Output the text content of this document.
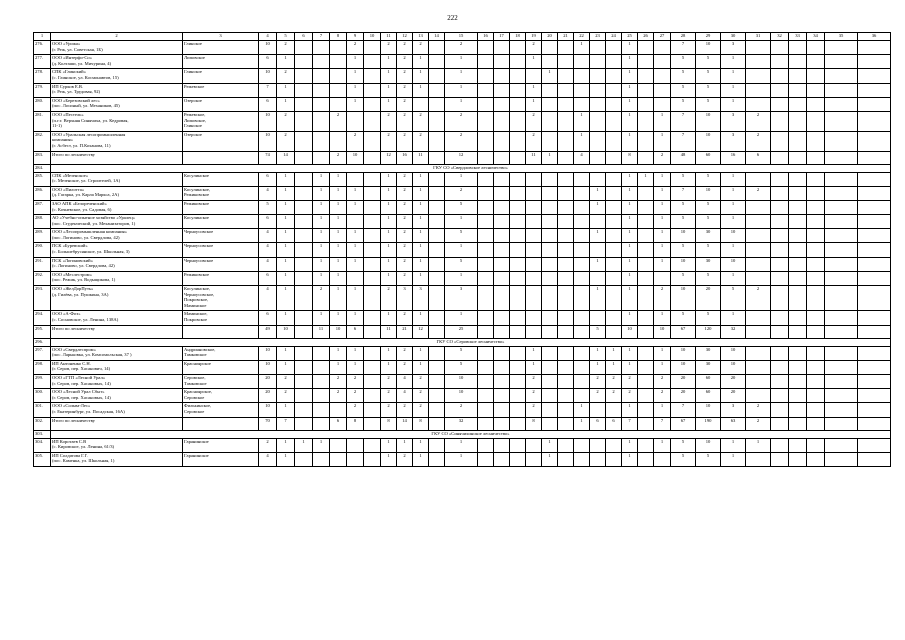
222
1	2	3	4	5	6	7	8	9	10	11	12	13	14	15	16	17	18	19	20	21	22	23	24	25	26	27	28	29	30	31	32	33	34	35	36
276.	ООО «Урожа»
(г. Реж, ул. Советская, 1Б)	Глинское	10	2				2		2	2	2		2				2			1			1			7	10	3						
277.	ООО «Интерфо-Со»
(д. Колташи, ул. Мичурина, 4)	Липовское	6	1				1		1	2	1		1				1						1			5	5	1						
278.	СПК «Глинский»
(с. Глинское, ул. Космонавтов, 15)	Глинское	10	2				1		1	2	1		1					1					1			5	5	1						
279.	ИП Сурков Е.В.
(г. Реж, ул. Трудовая, 92)	Режевское	7	1				1		1	2	1		1				1						1			5	5	1						
280.	ООО «Березовский лес»
(пос. Лосиный, ул. Механиков, 45)	Озерское	6	1				1		1	2			1				1						1			5	5	1						
281.	ООО «Пестель»
(п.г.т. Верхняя Синячиха, ул. Кедровая,
11-1)	Режевское,
Липовское,
Глинское	10	2			2			2	2	2		2				2			1			1		1	7	10	3	2					
282.	ООО «Уральская лесопромышленная
компания»
(г. Асбест, ул. П.Коханова, 11)	Озерское	10	2				2		2	2	2		2				2			1			1		1	7	10	3	2					
283.	Итого по лесничеству		74	14			2	10		12	16	11		12				11	1		4			8		2	48	60	16	6					
284.	ГКУ СО «Свердловское лесничество»																																		
285.	СПК «Мезенское»
(с. Мезенское, ул. Строителей, 1А)	Косулинское	6	1		1	1			1	2	1		1										1	1	1	5	5	1						
286.	ООО «Пилотта»
(д. Гагарка, ул. Карла Маркса, 2А)	Косулинское,
Режиковское	4	1		1	1	1		1	2	1		2								1		1		1	7	10	1	2					
287.	ЗАО АПК «Белореченский»
(с. Кочневское, ул. Садовая, 6)	Режиковское	5	1		1	1	1		1	2	1		5								1		1		1	5	5	1						
288.	АО «Учебно-опытное хозяйство «Уралец»
(пос. Студенческий, ул. Механизаторов, 1)	Косулинское	6	1		1	1			1	2	1		1										1		1	5	5	1						
289.	ООО «Лесопромышленная компания»
(пос. Логиново, ул. Свердлова, 42)	Черноусовское	4	1		1	1	1		1	2	1		5								1		1		1	10	30	10						
290.	ПСК «Буревский»
(с. Большебрусянское, ул. Школьная, 3)	Черноусовское	4	1		1	1	1		1	2	1		1										1		1	5	5	1						
291.	ПСК «Логиновский»
(с. Логиново, ул. Свердлова, 42)	Черноусовское	4	1		1	1	1		1	2	1		5								1		1		1	10	30	10						
292.	ООО «Меслестром»
(пос. Режик, ул. Водыщикова, 1)	Режиковское	6	1		1	1			1	2	1		1										1			5	5	1						
293.	ООО «ЖелДорПуть»
(д. Гилёва, ул. Пушкина, 3А)	Косулинское,
Черноусовское,
Покровское,
Маминское	4	1		2	1	1		2	3	3		3								1		1		2	10	20	5	2					
294.	ООО «А-Фоэ»
(с. Сосновское, ул. Ленина, 138А)	Маминское,
Покровское	6	1		1	1	1		1	2	1		1										1		1	5	5	1						
295.	Итого по лесничеству		49	10		11	10	6		11	21	12		25								5		10		10	67	120	32						
296.	ГКУ СО «Серовское лесничество»																																		
297.	ООО «Свердлеспром»
(пос. Ларьковка, ул. Комсомольская, 37 )	Андриановское,
Тамковское	10	1			1	1		1	2	1		5				1				1	1	1		1	10	30	10						
298.	ИП Антоненко С.Н.
(г. Серов, пер. Хасанович, 14)	Красноярское	10	1			1	1		1	2	1		5				1				1	1	1		1	10	30	10						
299.	ООО «ГТП «Лесной Урал»
(г. Серов, пер. Хасановых, 14)	Серовское,
Тамковское	20	2			2	2		2	4	2		10				2				2	2	2		2	20	60	20						
300.	ООО «Лесной Урал Сбыт»
(г. Серов, пер. Хасановых, 14)	Красноярское,
Серовское	20	2			2	2		2	4	2		10				2				2	2	2		2	20	60	20						
301.	ООО «Сольва-Лес»
(г. Екатеринбург, ул. Посадская, 16А)	Филькинское,
Серовское	10	1				2		2	2	2		2				2			1			1		1	7	10	3	2					
302.	Итого по лесничеству		70	7			6	8		8	14	8		32				8			1	6	6	7		7	67	190	63	2					
303.	ГКУ СО «Синячихинское лесничество»																																		
304.	ИП Коротаев С.В
(с. Кировское, ул. Ленина, 61/3)	Гаранинское	2	1	1	1				1	1	1		1					1					1		1	5	10	1	1					
305.	ИП Солдатова Г.Г.
(пос. Каменка, ул. Школьная, 1)	Гаранинское	4	1						1	2	1		1					1					1			5	5	1						
